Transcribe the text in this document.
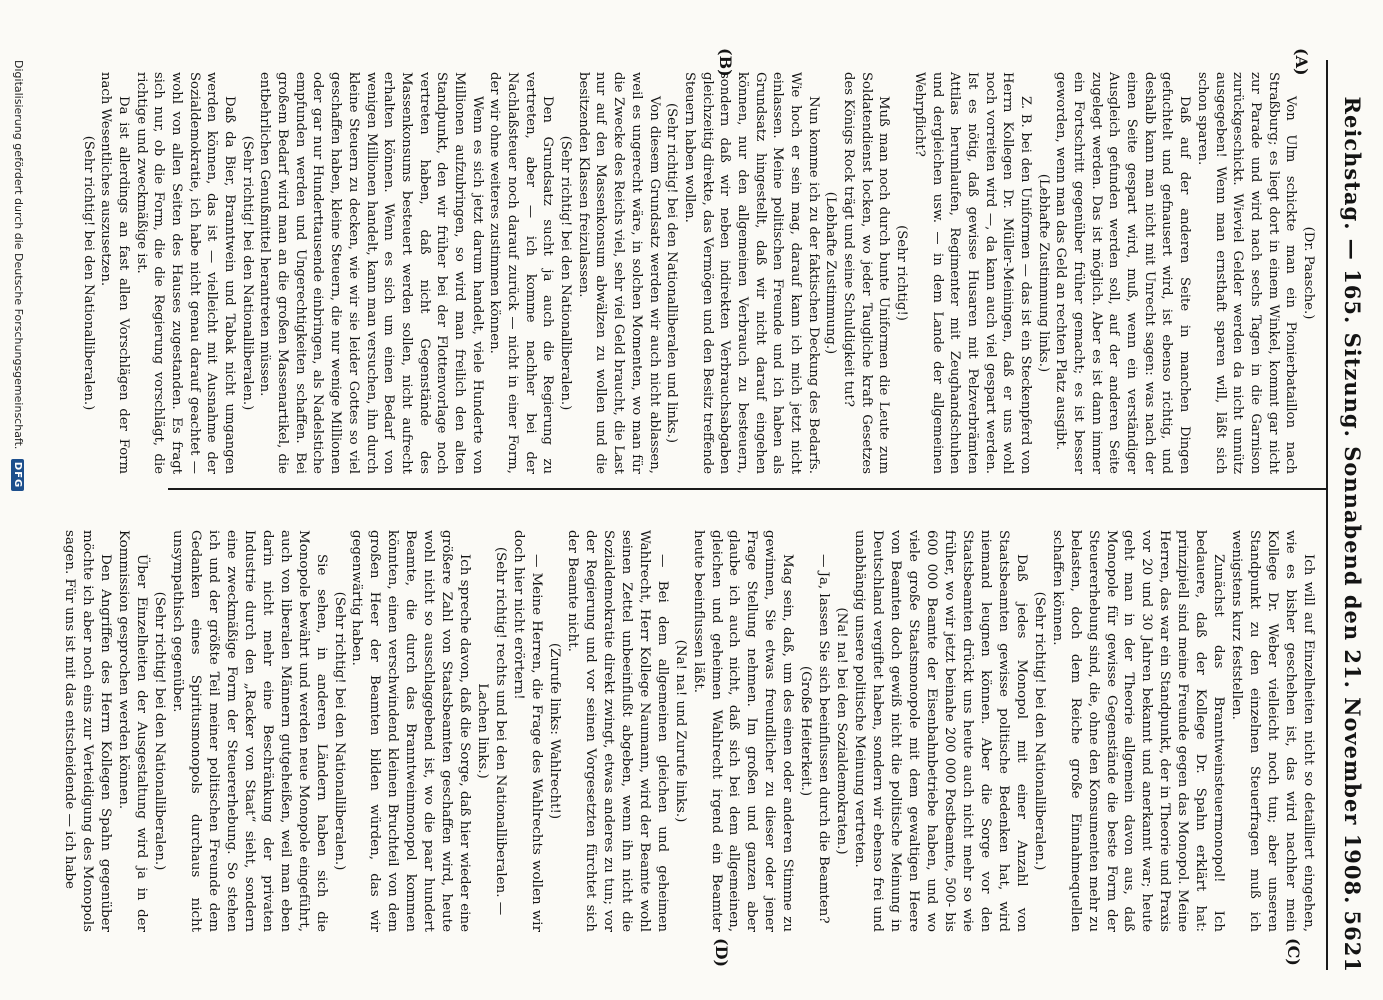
Reichstag. — 165. Sitzung. Sonnabend den 21. November 1908.
5621
(A)
(B)
(C)
(D)

(Dr. Paasche.)

Von Ulm schickte man ein Pionierbataillon nach Straßburg; es liegt dort in einem Winkel, kommt gar nicht zur Parade und wird nach sechs Tagen in die Garnison zurückgeschickt. Wieviel Gelder werden da nicht unnütz ausgegeben! Wenn man ernsthaft sparen will, läßt sich schon sparen.

Daß auf der anderen Seite in manchen Dingen gefuchtelt und gefnausert wird, ist ebenso richtig, und deshalb kann man nicht mit Unrecht sagen: was nach der einen Seite gespart wird, muß, wenn ein verständiger Ausgleich gefunden werden soll, auf der anderen Seite zugelegt werden. Das ist möglich. Aber es ist dann immer ein Fortschritt gegenüber früher gemacht; es ist besser geworden, wenn man das Geld an rechten Platz ausgibt.

(Lebhafte Zustimmung links.)

Z. B. bei den Uniformen — das ist ein Steckenpferd von Herrn Kollegen Dr. Müller-Meiningen, daß er uns wohl noch vorreiten wird —, da kann auch viel gespart werden. Ist es nötig, daß gewisse Husaren mit Pelzverbrämten Attilas herumlaufen, Regimenter mit Zeughandschuhen und dergleichen usw. — in dem Lande der allgemeinen Wehrpflicht?

(Sehr richtig!)

Muß man noch durch bunte Uniformen die Leute zum Soldatendienst locken, wo jeder Taugliche kraft Gesetzes des Königs Rock trägt und seine Schuldigkeit tut?

(Lebhafte Zustimmung.)

Nun komme ich zu der faktischen Deckung des Bedarfs. Wie hoch er sein mag, darauf kann ich mich jetzt nicht einlassen. Meine politischen Freunde und ich haben als Grundsatz hingestellt, daß wir nicht darauf eingehen können, nur den allgemeinen Verbrauch zu besteuern, sondern daß wir neben indirekten Verbrauchsabgaben gleichzeitig direkte, das Vermögen und den Besitz treffende Steuern haben wollen.

(Sehr richtig! bei den Nationalliberalen und links.)

Von diesem Grundsatz werden wir auch nicht ablassen, weil es ungerecht wäre, in solchen Momenten, wo man für die Zwecke des Reichs viel, sehr viel Geld braucht, die Last nur auf den Massenkonsum abwälzen zu wollen und die besitzenden Klassen freizulassen.

(Sehr richtig! bei den Nationalliberalen.)

Den Grundsatz sucht ja auch die Regierung zu vertreten, aber — ich komme nachher bei der Nachlaßsteuer noch darauf zurück — nicht in einer Form, der wir ohne weiteres zustimmen können.

Wenn es sich jetzt darum handelt, viele Hunderte von Millionen aufzubringen, so wird man freilich den alten Standpunkt, den wir früher bei der Flottenvorlage noch vertreten haben, daß nicht Gegenstände des Massenkonsums besteuert werden sollen, nicht aufrecht erhalten können. Wenn es sich um einen Bedarf von wenigen Millionen handelt, kann man versuchen, ihn durch kleine Steuern zu decken, wie wir sie leider Gottes so viel geschaffen haben, kleine Steuern, die nur wenige Millionen oder gar nur Hunderttausende einbringen, als Nadelstiche empfunden werden und Ungerechtigkeiten schaffen. Bei großem Bedarf wird man an die großen Massenartikel, die entbehrlichen Genußmittel herantreten müssen.

(Sehr richtig! bei den Nationalliberalen.)

Daß da Bier, Branntwein und Tabak nicht umgangen werden können, das ist — vielleicht mit Ausnahme der Sozialdemokratie, ich habe nicht genau darauf geachtet — wohl von allen Seiten des Hauses zugestanden. Es fragt sich nur, ob die Form, die die Regierung vorschlägt, die richtige und zweckmäßige ist.

Da ist allerdings an fast allen Vorschlägen der Form nach Wesentliches auszusetzen.

(Sehr richtig! bei den Nationalliberalen.)

Ich will auf Einzelheiten nicht so detailliert eingehen, wie es bisher geschehen ist, das wird nachher mein Kollege Dr. Weber vielleicht noch tun; aber unseren Standpunkt zu den einzelnen Steuerfragen muß ich wenigstens kurz feststellen.

Zunächst das Branntweinsteuermonopol! Ich bedauere, daß der Kollege Dr. Spahn erklärt hat: prinzipiell sind meine Freunde gegen das Monopol. Meine Herren, das war ein Standpunkt, der in Theorie und Praxis vor 20 und 30 Jahren bekannt und anerkannt war; heute geht man in der Theorie allgemein davon aus, daß Monopole für gewisse Gegenstände die beste Form der Steuererhebung sind, die, ohne den Konsumenten mehr zu belasten, doch dem Reiche große Einnahmequellen schaffen können.

(Sehr richtig! bei den Nationalliberalen.)

Daß jedes Monopol mit einer Anzahl von Staatsbeamten gewisse politische Bedenken hat, wird niemand leugnen können. Aber die Sorge vor den Staatsbeamten drückt uns heute auch nicht mehr so wie früher, wo wir jetzt beinahe 200 000 Postbeamte, 500- bis 600 000 Beamte der Eisenbahnbetriebe haben, und wo viele große Staatsmonopole mit dem gewaltigen Heere von Beamten doch gewiß nicht die politische Meinung in Deutschland vergiftet haben, sondern wir ebenso frei und unabhängig unsere politische Meinung vertreten.

(Na! na! bei den Sozialdemokraten.)

— Ja, lassen Sie sich beeinflussen durch die Beamten?

(Große Heiterkeit.)

Mag sein, daß, um des einen oder anderen Stimme zu gewinnen, Sie etwas freundlicher zu dieser oder jener Frage Stellung nehmen. Im großen und ganzen aber glaube ich auch nicht, daß sich bei dem allgemeinen, gleichen und geheimen Wahlrecht irgend ein Beamter heute beeinflussen läßt.

(Na! na! und Zurufe links.)

— Bei dem allgemeinen gleichen und geheimen Wahlrecht, Herr Kollege Naumann, wird der Beamte wohl seinen Zettel unbeeinflußt abgeben, wenn ihn nicht die Sozialdemokratie direkt zwingt, etwas anderes zu tun; vor der Regierung und vor seinen Vorgesetzten fürchtet sich der Beamte nicht.

(Zurufe links: Wahlrecht!)

— Meine Herren, die Frage des Wahlrechts wollen wir doch hier nicht erörtern!

(Sehr richtig! rechts und bei den Nationalliberalen. — Lachen links.)

Ich spreche davon, daß die Sorge, daß hier wieder eine größere Zahl von Staatsbeamten geschaffen wird, heute wohl nicht so ausschlaggebend ist, wo die paar hundert Beamte, die durch das Branntweinmonopol kommen könnten, einen verschwindend kleinen Bruchteil von dem großen Heer der Beamten bilden würden, das wir gegenwärtig haben.

(Sehr richtig! bei den Nationalliberalen.)

Sie sehen, in anderen Ländern haben sich die Monopole bewährt und werden neue Monopole eingeführt, auch von liberalen Männern gutgeheißen, weil man eben darin nicht mehr eine Beschränkung der privaten Industrie durch den „Racker von Staat“ sieht, sondern eine zweckmäßige Form der Steuererhebung. So stehen ich und der größte Teil meiner politischen Freunde dem Gedanken eines Spiritusmonopols durchaus nicht unsympathisch gegenüber.

(Sehr richtig! bei den Nationalliberalen.)

Über Einzelheiten der Ausgestaltung wird ja in der Kommission gesprochen werden können.

Den Angriffen des Herrn Kollegen Spahn gegenüber möchte ich aber noch eins zur Verteidigung des Monopols sagen. Für uns ist mit das entscheidende — ich habe

Digitalisierung gefördert durch die Deutsche Forschungsgemeinschaft. DFG
